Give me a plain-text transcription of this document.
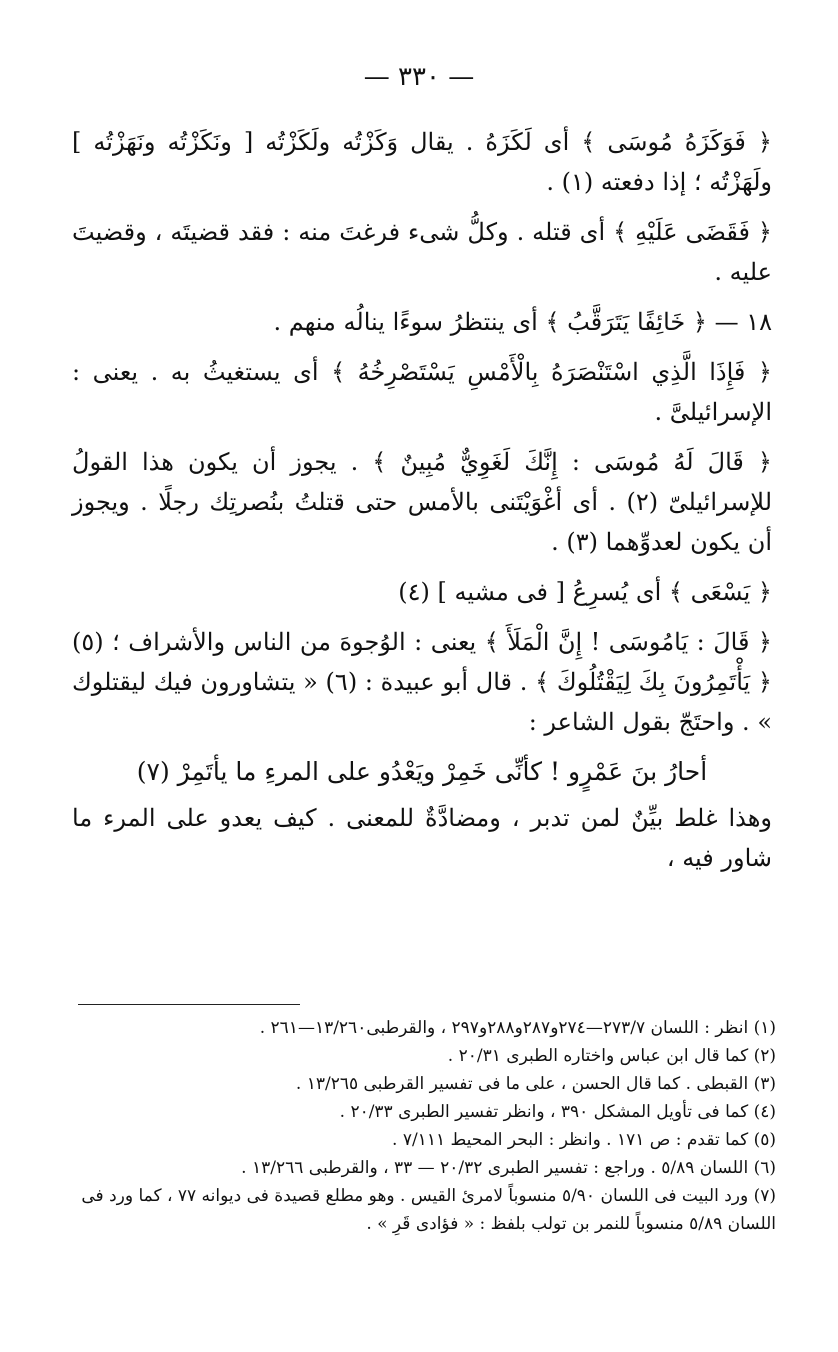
— ٣٣٠ —

﴿ فَوَكَزَهُ مُوسَى ﴾ أى لَكَزَهُ . يقال وَكَزْتُه ولَكَزْتُه [ ونَكَزْتُه ونَهَزْتُه ] ولَهَزْتُه ؛ إذا دفعته (١) .

﴿ فَقَضَى عَلَيْهِ ﴾ أى قتله . وكلُّ شىء فرغتَ منه : فقد قضيتَه ، وقضيتَ عليه .

١٨ — ﴿ خَائِفًا يَتَرَقَّبُ ﴾ أى ينتظرُ سوءًا ينالُه منهم .

﴿ فَإِذَا الَّذِي اسْتَنْصَرَهُ بِالْأَمْسِ يَسْتَصْرِخُهُ ﴾ أى يستغيثُ به . يعنى : الإسرائيلىَّ .

﴿ قَالَ لَهُ مُوسَى : إِنَّكَ لَغَوِيٌّ مُبِينٌ ﴾ . يجوز أن يكون هذا القولُ للإسرائيلىّ (٢) . أى أغْوَيْتَنى بالأمس حتى قتلتُ بنُصرتِك رجلًا . ويجوز أن يكون لعدوِّهما (٣) .

﴿ يَسْعَى ﴾ أى يُسرِعُ [ فى مشيه ] (٤)

﴿ قَالَ : يَامُوسَى ! إِنَّ الْمَلَأَ ﴾ يعنى : الوُجوهَ من الناس والأشراف ؛ (٥) ﴿ يَأْتَمِرُونَ بِكَ لِيَقْتُلُوكَ ﴾ . قال أبو عبيدة : (٦) « يتشاورون فيك ليقتلوك » . واحتَجّ بقول الشاعر :

أحارُ بنَ عَمْرٍو ! كأنِّى خَمِرْ ويَعْدُو على المرءِ ما يأتَمِرْ (٧)

وهذا غلط بيِّنٌ لمن تدبر ، ومضادَّةٌ للمعنى . كيف يعدو على المرء ما شاور فيه ،

(١) انظر : اللسان ٢٧٣/٧—٢٧٤و٢٨٧و٢٨٨و٢٩٧ ، والقرطبى١٣/٢٦٠—٢٦١ .

(٢) كما قال ابن عباس واختاره الطبرى ٢٠/٣١ .

(٣) القبطى . كما قال الحسن ، على ما فى تفسير القرطبى ١٣/٢٦٥ .

(٤) كما فى تأويل المشكل ٣٩٠ ، وانظر تفسير الطبرى ٢٠/٣٣ .

(٥) كما تقدم : ص ١٧١ . وانظر : البحر المحيط ٧/١١١ .

(٦) اللسان ٥/٨٩ . وراجع : تفسير الطبرى ٢٠/٣٢ — ٣٣ ، والقرطبى ١٣/٢٦٦ .

(٧) ورد البيت فى اللسان ٥/٩٠ منسوباً لامرئ القيس . وهو مطلع قصيدة فى ديوانه ٧٧ ، كما ورد فى اللسان ٥/٨٩ منسوباً للنمر بن تولب بلفظ : « فؤادى قَرِ » .
